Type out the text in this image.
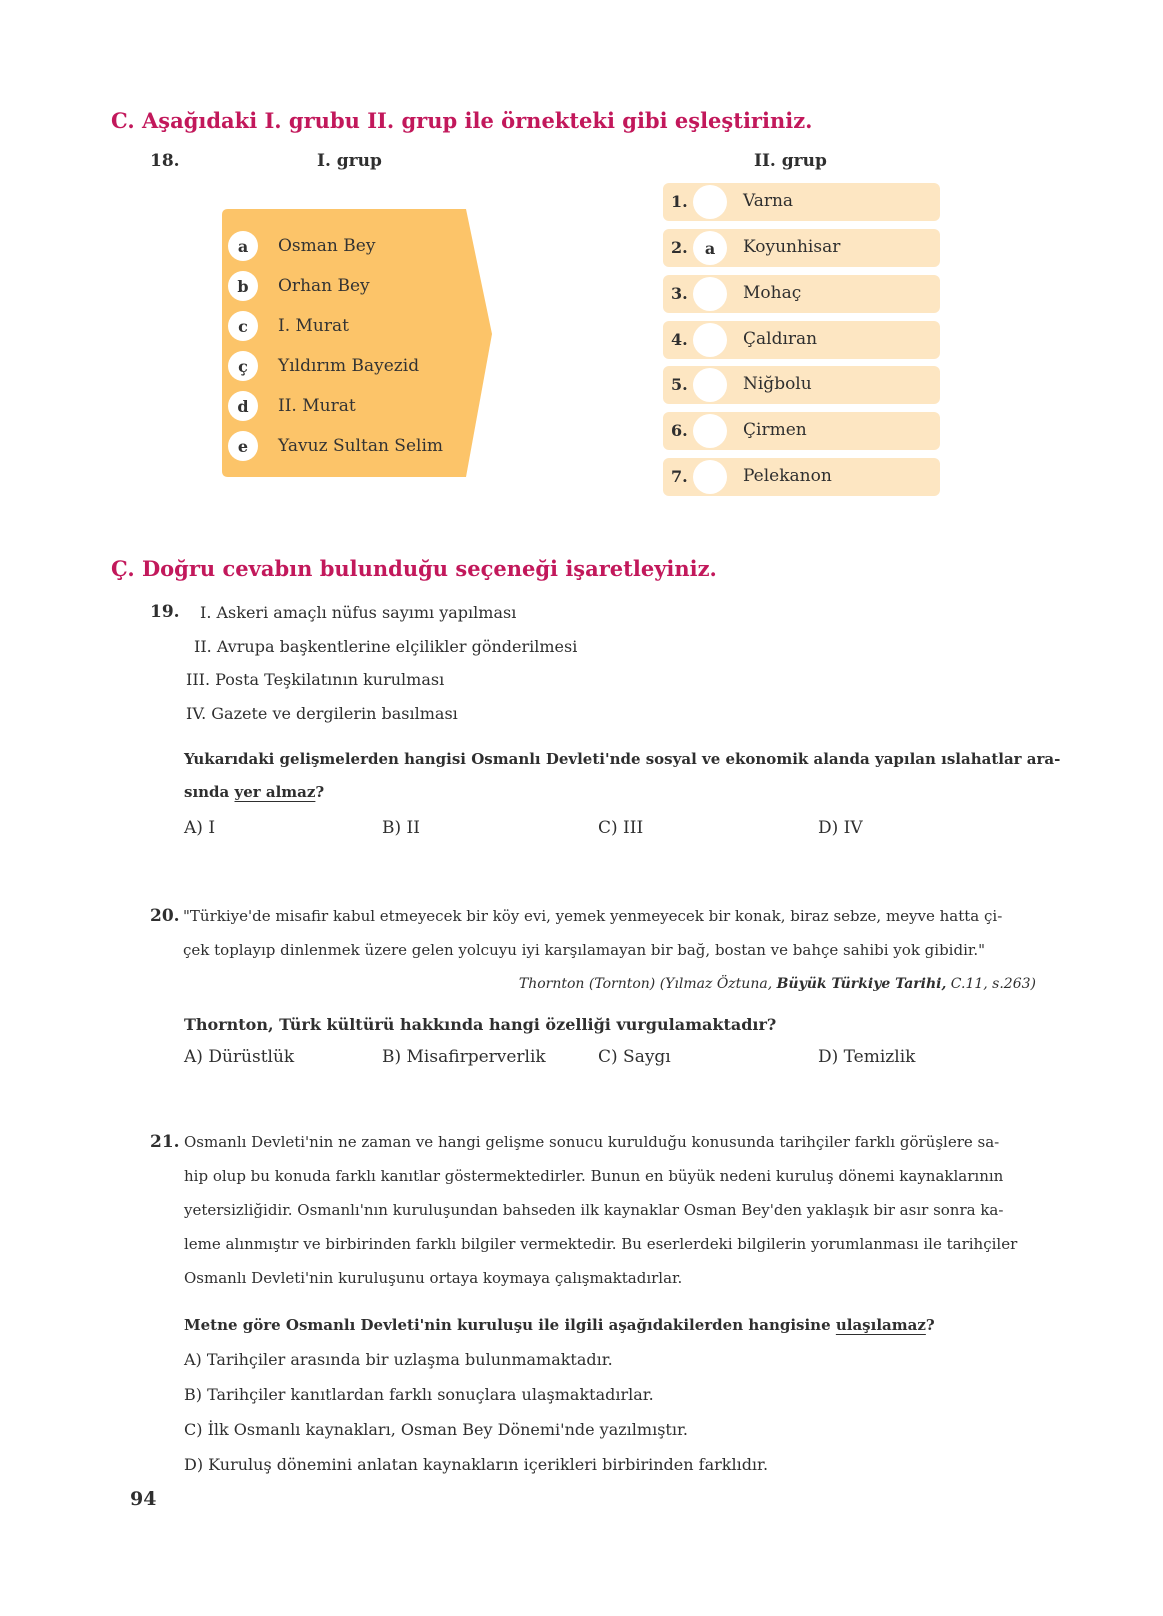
C. Aşağıdaki I. grubu II. grup ile örnekteki gibi eşleştiriniz.
18.	I. grup	II. grup
a	Osman Bey
b	Orhan Bey
c	I. Murat
ç	Yıldırım Bayezid
d	II. Murat
e	Yavuz Sultan Selim
1.	Varna
2.	a	Koyunhisar
3.	Mohaç
4.	Çaldıran
5.	Niğbolu
6.	Çirmen
7.	Pelekanon
Ç. Doğru cevabın bulunduğu seçeneği işaretleyiniz.
19. I. Askeri amaçlı nüfus sayımı yapılması
II. Avrupa başkentlerine elçilikler gönderilmesi
III. Posta Teşkilatının kurulması
IV. Gazete ve dergilerin basılması
Yukarıdaki gelişmelerden hangisi Osmanlı Devleti'nde sosyal ve ekonomik alanda yapılan ıslahatlar ara-
sında yer almaz?
A) I	B) II	C) III	D) IV
20. "Türkiye'de misafir kabul etmeyecek bir köy evi, yemek yenmeyecek bir konak, biraz sebze, meyve hatta çi-
çek toplayıp dinlenmek üzere gelen yolcuyu iyi karşılamayan bir bağ, bostan ve bahçe sahibi yok gibidir."
Thornton (Tornton) (Yılmaz Öztuna, Büyük Türkiye Tarihi, C.11, s.263)
Thornton, Türk kültürü hakkında hangi özelliği vurgulamaktadır?
A) Dürüstlük	B) Misafirperverlik	C) Saygı	D) Temizlik
21. Osmanlı Devleti'nin ne zaman ve hangi gelişme sonucu kurulduğu konusunda tarihçiler farklı görüşlere sa-
hip olup bu konuda farklı kanıtlar göstermektedirler. Bunun en büyük nedeni kuruluş dönemi kaynaklarının
yetersizliğidir. Osmanlı'nın kuruluşundan bahseden ilk kaynaklar Osman Bey'den yaklaşık bir asır sonra ka-
leme alınmıştır ve birbirinden farklı bilgiler vermektedir. Bu eserlerdeki bilgilerin yorumlanması ile tarihçiler
Osmanlı Devleti'nin kuruluşunu ortaya koymaya çalışmaktadırlar.
Metne göre Osmanlı Devleti'nin kuruluşu ile ilgili aşağıdakilerden hangisine ulaşılamaz?
A) Tarihçiler arasında bir uzlaşma bulunmamaktadır.
B) Tarihçiler kanıtlardan farklı sonuçlara ulaşmaktadırlar.
C) İlk Osmanlı kaynakları, Osman Bey Dönemi'nde yazılmıştır.
D) Kuruluş dönemini anlatan kaynakların içerikleri birbirinden farklıdır.
94
